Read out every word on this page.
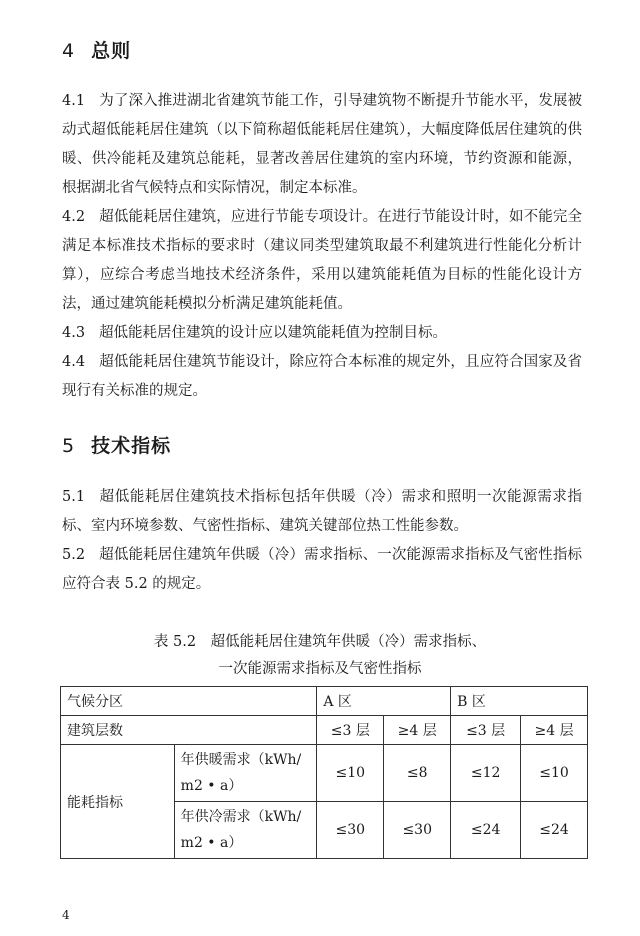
4 总则

4.1 为了深入推进湖北省建筑节能工作，引导建筑物不断提升节能水平，发展被动式超低能耗居住建筑（以下简称超低能耗居住建筑），大幅度降低居住建筑的供暖、供冷能耗及建筑总能耗，显著改善居住建筑的室内环境，节约资源和能源，根据湖北省气候特点和实际情况，制定本标准。

4.2 超低能耗居住建筑，应进行节能专项设计。在进行节能设计时，如不能完全满足本标准技术指标的要求时（建议同类型建筑取最不利建筑进行性能化分析计算），应综合考虑当地技术经济条件，采用以建筑能耗值为目标的性能化设计方法，通过建筑能耗模拟分析满足建筑能耗值。

4.3 超低能耗居住建筑的设计应以建筑能耗值为控制目标。

4.4 超低能耗居住建筑节能设计，除应符合本标准的规定外，且应符合国家及省现行有关标准的规定。

5 技术指标

5.1 超低能耗居住建筑技术指标包括年供暖（冷）需求和照明一次能源需求指标、室内环境参数、气密性指标、建筑关键部位热工性能参数。

5.2 超低能耗居住建筑年供暖（冷）需求指标、一次能源需求指标及气密性指标应符合表 5.2 的规定。

表 5.2　超低能耗居住建筑年供暖（冷）需求指标、

一次能源需求指标及气密性指标

气候分区		A 区		B 区	
建筑层数		≤3 层	≥4 层	≤3 层	≥4 层
能耗指标	年供暖需求（kWh/
m2 • a）	≤10	≤8	≤12	≤10

	年供冷需求（kWh/
m2 • a）	≤30	≤30	≤24	≤24
4
